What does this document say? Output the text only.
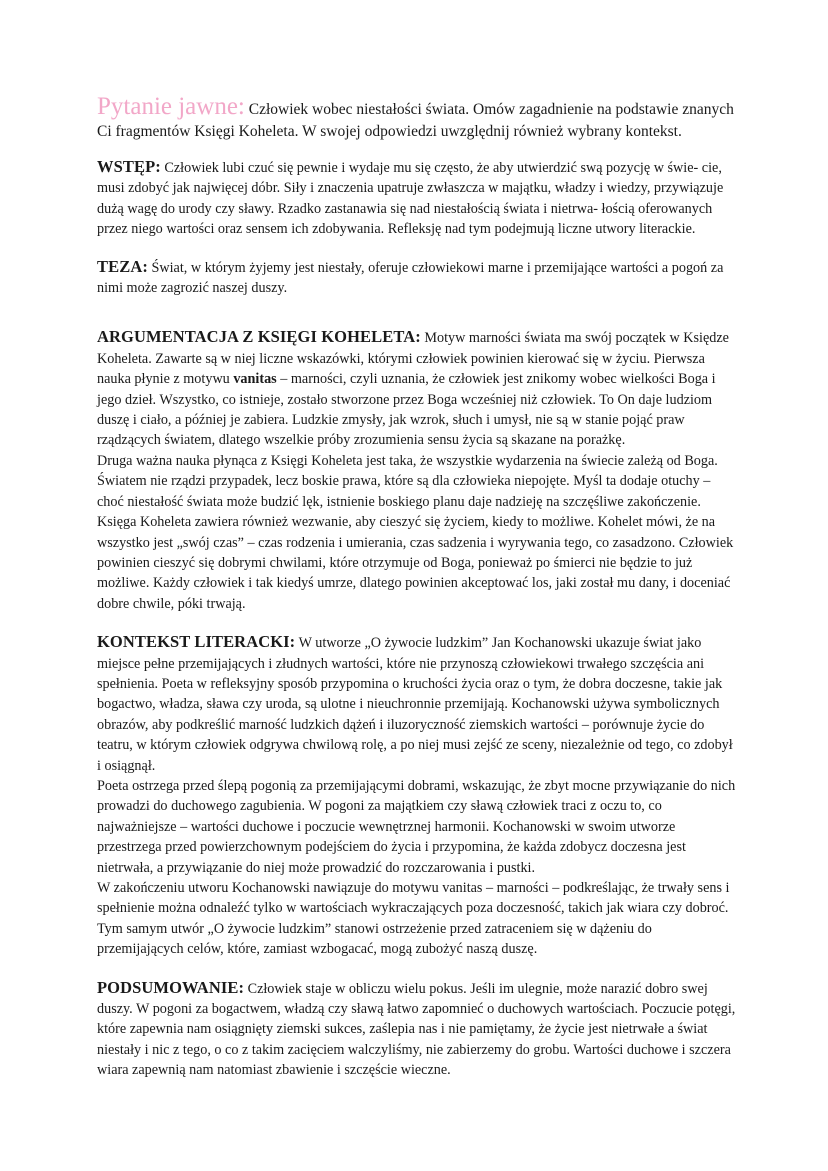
Pytanie jawne: Człowiek wobec niestałości świata. Omów zagadnienie na podstawie znanych Ci fragmentów Księgi Koheleta. W swojej odpowiedzi uwzględnij również wybrany kontekst.

WSTĘP: Człowiek lubi czuć się pewnie i wydaje mu się często, że aby utwierdzić swą pozycję w świe- cie, musi zdobyć jak najwięcej dóbr. Siły i znaczenia upatruje zwłaszcza w majątku, władzy i wiedzy, przywiązuje dużą wagę do urody czy sławy. Rzadko zastanawia się nad niestałością świata i nietrwa- łością oferowanych przez niego wartości oraz sensem ich zdobywania. Refleksję nad tym podejmują liczne utwory literackie.

TEZA: Świat, w którym żyjemy jest niestały, oferuje człowiekowi marne i przemijające wartości a pogoń za nimi może zagrozić naszej duszy.

ARGUMENTACJA Z KSIĘGI KOHELETA: Motyw marności świata ma swój początek w Księdze Koheleta. Zawarte są w niej liczne wskazówki, którymi człowiek powinien kierować się w życiu. Pierwsza nauka płynie z motywu vanitas – marności, czyli uznania, że człowiek jest znikomy wobec wielkości Boga i jego dzieł. Wszystko, co istnieje, zostało stworzone przez Boga wcześniej niż człowiek. To On daje ludziom duszę i ciało, a później je zabiera. Ludzkie zmysły, jak wzrok, słuch i umysł, nie są w stanie pojąć praw rządzących światem, dlatego wszelkie próby zrozumienia sensu życia są skazane na porażkę.

Druga ważna nauka płynąca z Księgi Koheleta jest taka, że wszystkie wydarzenia na świecie zależą od Boga. Światem nie rządzi przypadek, lecz boskie prawa, które są dla człowieka niepojęte. Myśl ta dodaje otuchy – choć niestałość świata może budzić lęk, istnienie boskiego planu daje nadzieję na szczęśliwe zakończenie.

Księga Koheleta zawiera również wezwanie, aby cieszyć się życiem, kiedy to możliwe. Kohelet mówi, że na wszystko jest „swój czas” – czas rodzenia i umierania, czas sadzenia i wyrywania tego, co zasadzono. Człowiek powinien cieszyć się dobrymi chwilami, które otrzymuje od Boga, ponieważ po śmierci nie będzie to już możliwe. Każdy człowiek i tak kiedyś umrze, dlatego powinien akceptować los, jaki został mu dany, i doceniać dobre chwile, póki trwają.

KONTEKST LITERACKI: W utworze „O żywocie ludzkim” Jan Kochanowski ukazuje świat jako miejsce pełne przemijających i złudnych wartości, które nie przynoszą człowiekowi trwałego szczęścia ani spełnienia. Poeta w refleksyjny sposób przypomina o kruchości życia oraz o tym, że dobra doczesne, takie jak bogactwo, władza, sława czy uroda, są ulotne i nieuchronnie przemijają. Kochanowski używa symbolicznych obrazów, aby podkreślić marność ludzkich dążeń i iluzoryczność ziemskich wartości – porównuje życie do teatru, w którym człowiek odgrywa chwilową rolę, a po niej musi zejść ze sceny, niezależnie od tego, co zdobył i osiągnął.

Poeta ostrzega przed ślepą pogonią za przemijającymi dobrami, wskazując, że zbyt mocne przywiązanie do nich prowadzi do duchowego zagubienia. W pogoni za majątkiem czy sławą człowiek traci z oczu to, co najważniejsze – wartości duchowe i poczucie wewnętrznej harmonii. Kochanowski w swoim utworze przestrzega przed powierzchownym podejściem do życia i przypomina, że każda zdobycz doczesna jest nietrwała, a przywiązanie do niej może prowadzić do rozczarowania i pustki.

W zakończeniu utworu Kochanowski nawiązuje do motywu vanitas – marności – podkreślając, że trwały sens i spełnienie można odnaleźć tylko w wartościach wykraczających poza doczesność, takich jak wiara czy dobroć. Tym samym utwór „O żywocie ludzkim” stanowi ostrzeżenie przed zatraceniem się w dążeniu do przemijających celów, które, zamiast wzbogacać, mogą zubożyć naszą duszę.

PODSUMOWANIE: Człowiek staje w obliczu wielu pokus. Jeśli im ulegnie, może narazić dobro swej duszy. W pogoni za bogactwem, władzą czy sławą łatwo zapomnieć o duchowych wartościach. Poczucie potęgi, które zapewnia nam osiągnięty ziemski sukces, zaślepia nas i nie pamiętamy, że życie jest nietrwałe a świat niestały i nic z tego, o co z takim zacięciem walczyliśmy, nie zabierzemy do grobu. Wartości duchowe i szczera wiara zapewnią nam natomiast zbawienie i szczęście wieczne.
